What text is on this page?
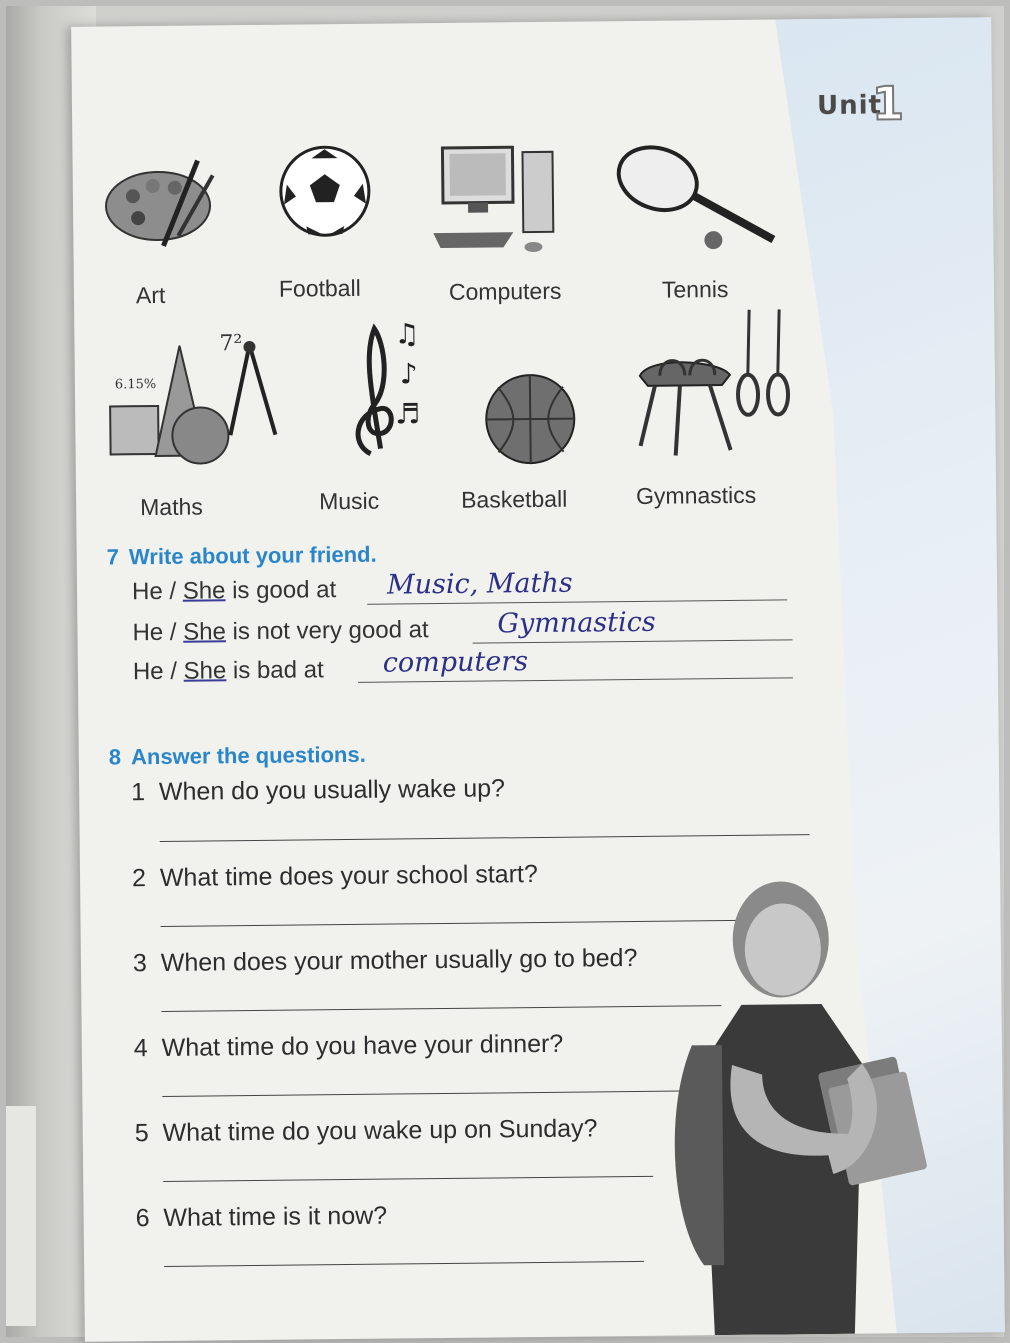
Unit
1
Art	Football	Computers	Tennis
7²
6.15%
♫
♪
♬
Maths	Music	Basketball	Gymnastics
7 Write about your friend.
He / She is good at Music, Maths
He / She is not very good at	Gymnastics
He / She is bad at computers
8 Answer the questions.
1 When do you usually wake up?
2 What time does your school start?
3 When does your mother usually go to bed?
4 What time do you have your dinner?
5 What time do you wake up on Sunday?
6 What time is it now?
